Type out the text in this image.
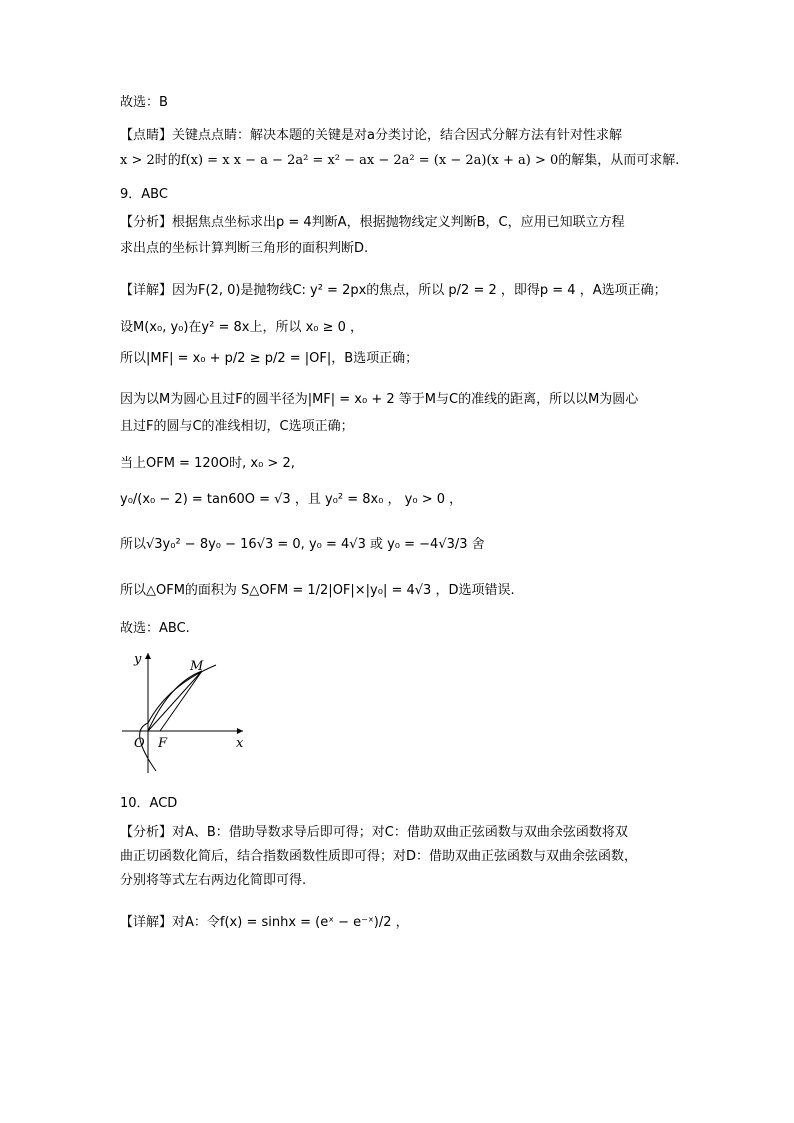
故选：B
【点睛】关键点点睛：解决本题的关键是对a分类讨论，结合因式分解方法有针对性求解
x > 2时的f(x) = x x − a − 2a² = x² − ax − 2a² = (x − 2a)(x + a) > 0的解集，从而可求解.
9．ABC
【分析】根据焦点坐标求出p = 4判断A，根据抛物线定义判断B，C，应用已知联立方程
求出点的坐标计算判断三角形的面积判断D.
【详解】因为F(2, 0)是抛物线C: y² = 2px的焦点，所以 p/2 = 2 ，即得p = 4 ，A选项正确；
设M(x₀, y₀)在y² = 8x上，所以 x₀ ≥ 0 ，
所以|MF| = x₀ + p/2 ≥ p/2 = |OF|，B选项正确；
因为以M为圆心且过F的圆半径为|MF| = x₀ + 2 等于M与C的准线的距离，所以以M为圆心
且过F的圆与C的准线相切，C选项正确；
当上OFM = 120O时, x₀ > 2,
y₀/(x₀ − 2) = tan60O = √3 ，且 y₀² = 8x₀ ， y₀ > 0 ，
所以√3y₀² − 8y₀ − 16√3 = 0, y₀ = 4√3 或 y₀ = −4√3/3 舍
所以△OFM的面积为 S△OFM = 1/2|OF|×|y₀| = 4√3 ，D选项错误.
故选：ABC.
y
x
O F
M
10．ACD
【分析】对A、B：借助导数求导后即可得；对C：借助双曲正弦函数与双曲余弦函数将双
曲正切函数化简后，结合指数函数性质即可得；对D：借助双曲正弦函数与双曲余弦函数，
分别将等式左右两边化简即可得.
【详解】对A：令f(x) = sinhx = (eˣ − e⁻ˣ)/2 ，
